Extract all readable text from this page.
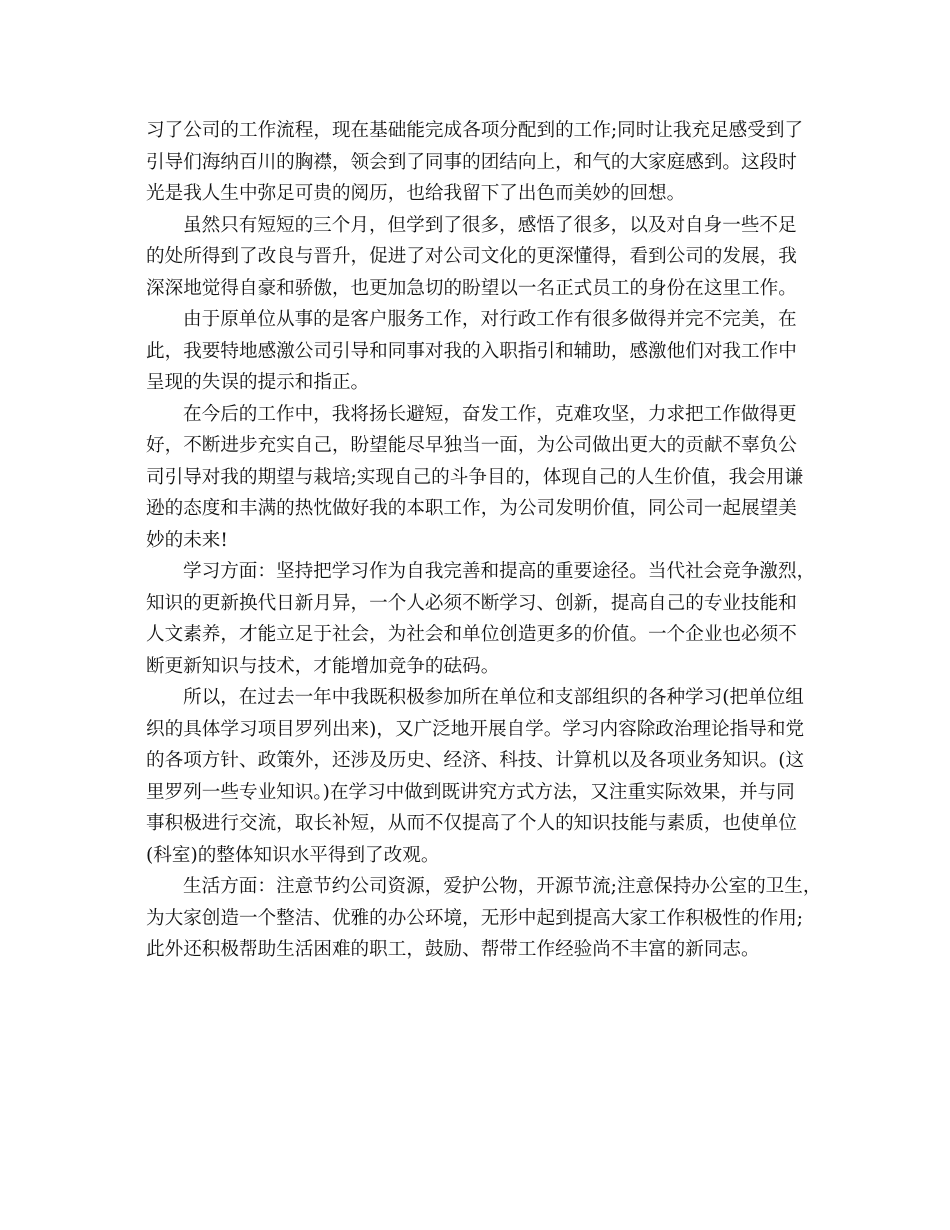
习了公司的工作流程，现在基础能完成各项分配到的工作;同时让我充足感受到了
引导们海纳百川的胸襟，领会到了同事的团结向上，和气的大家庭感到。这段时
光是我人生中弥足可贵的阅历，也给我留下了出色而美妙的回想。

虽然只有短短的三个月，但学到了很多，感悟了很多，以及对自身一些不足
的处所得到了改良与晋升，促进了对公司文化的更深懂得，看到公司的发展，我
深深地觉得自豪和骄傲，也更加急切的盼望以一名正式员工的身份在这里工作。

由于原单位从事的是客户服务工作，对行政工作有很多做得并完不完美，在
此，我要特地感激公司引导和同事对我的入职指引和辅助，感激他们对我工作中
呈现的失误的提示和指正。

在今后的工作中，我将扬长避短，奋发工作，克难攻坚，力求把工作做得更
好，不断进步充实自己，盼望能尽早独当一面，为公司做出更大的贡献不辜负公
司引导对我的期望与栽培;实现自己的斗争目的，体现自己的人生价值，我会用谦
逊的态度和丰满的热忱做好我的本职工作，为公司发明价值，同公司一起展望美
妙的未来!

学习方面：坚持把学习作为自我完善和提高的重要途径。当代社会竞争激烈，
知识的更新换代日新月异，一个人必须不断学习、创新，提高自己的专业技能和
人文素养，才能立足于社会，为社会和单位创造更多的价值。一个企业也必须不
断更新知识与技术，才能增加竞争的砝码。

所以，在过去一年中我既积极参加所在单位和支部组织的各种学习(把单位组
织的具体学习项目罗列出来)，又广泛地开展自学。学习内容除政治理论指导和党
的各项方针、政策外，还涉及历史、经济、科技、计算机以及各项业务知识。(这
里罗列一些专业知识。)在学习中做到既讲究方式方法，又注重实际效果，并与同
事积极进行交流，取长补短，从而不仅提高了个人的知识技能与素质，也使单位
(科室)的整体知识水平得到了改观。

生活方面：注意节约公司资源，爱护公物，开源节流;注意保持办公室的卫生，
为大家创造一个整洁、优雅的办公环境，无形中起到提高大家工作积极性的作用;
此外还积极帮助生活困难的职工，鼓励、帮带工作经验尚不丰富的新同志。
